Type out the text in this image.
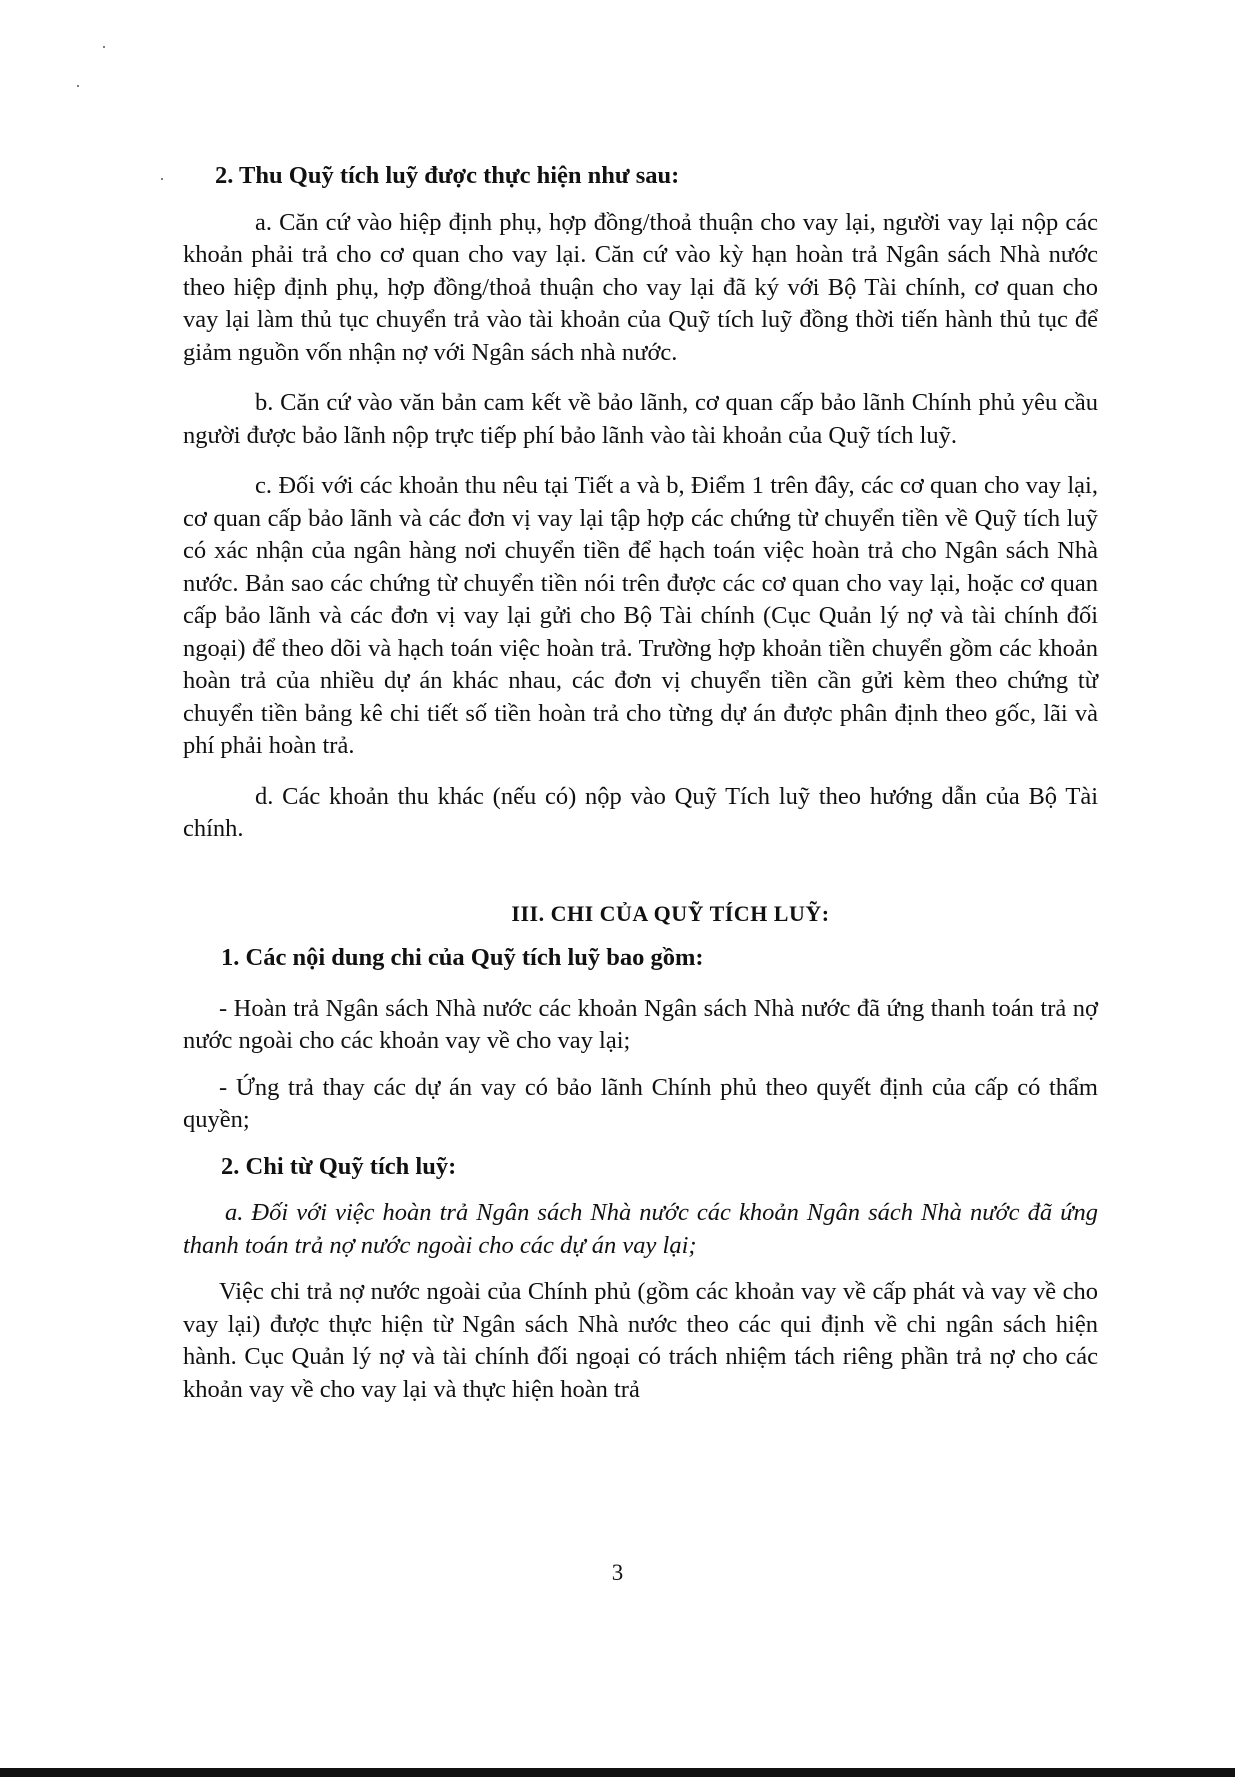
2. Thu Quỹ tích luỹ được thực hiện như sau:

a. Căn cứ vào hiệp định phụ, hợp đồng/thoả thuận cho vay lại, người vay lại nộp các khoản phải trả cho cơ quan cho vay lại. Căn cứ vào kỳ hạn hoàn trả Ngân sách Nhà nước theo hiệp định phụ, hợp đồng/thoả thuận cho vay lại đã ký với Bộ Tài chính, cơ quan cho vay lại làm thủ tục chuyển trả vào tài khoản của Quỹ tích luỹ đồng thời tiến hành thủ tục để giảm nguồn vốn nhận nợ với Ngân sách nhà nước.

b. Căn cứ vào văn bản cam kết về bảo lãnh, cơ quan cấp bảo lãnh Chính phủ yêu cầu người được bảo lãnh nộp trực tiếp phí bảo lãnh vào tài khoản của Quỹ tích luỹ.

c. Đối với các khoản thu nêu tại Tiết a và b, Điểm 1 trên đây, các cơ quan cho vay lại, cơ quan cấp bảo lãnh và các đơn vị vay lại tập hợp các chứng từ chuyển tiền về Quỹ tích luỹ có xác nhận của ngân hàng nơi chuyển tiền để hạch toán việc hoàn trả cho Ngân sách Nhà nước. Bản sao các chứng từ chuyển tiền nói trên được các cơ quan cho vay lại, hoặc cơ quan cấp bảo lãnh và các đơn vị vay lại gửi cho Bộ Tài chính (Cục Quản lý nợ và tài chính đối ngoại) để theo dõi và hạch toán việc hoàn trả. Trường hợp khoản tiền chuyển gồm các khoản hoàn trả của nhiều dự án khác nhau, các đơn vị chuyển tiền cần gửi kèm theo chứng từ chuyển tiền bảng kê chi tiết số tiền hoàn trả cho từng dự án được phân định theo gốc, lãi và phí phải hoàn trả.

d. Các khoản thu khác (nếu có) nộp vào Quỹ Tích luỹ theo hướng dẫn của Bộ Tài chính.

III. CHI CỦA QUỸ TÍCH LUỸ:

1. Các nội dung chi của Quỹ tích luỹ bao gồm:

- Hoàn trả Ngân sách Nhà nước các khoản Ngân sách Nhà nước đã ứng thanh toán trả nợ nước ngoài cho các khoản vay về cho vay lại;

- Ứng trả thay các dự án vay có bảo lãnh Chính phủ theo quyết định của cấp có thẩm quyền;

2. Chi từ Quỹ tích luỹ:

a. Đối với việc hoàn trả Ngân sách Nhà nước các khoản Ngân sách Nhà nước đã ứng thanh toán trả nợ nước ngoài cho các dự án vay lại;

Việc chi trả nợ nước ngoài của Chính phủ (gồm các khoản vay về cấp phát và vay về cho vay lại) được thực hiện từ Ngân sách Nhà nước theo các qui định về chi ngân sách hiện hành. Cục Quản lý nợ và tài chính đối ngoại có trách nhiệm tách riêng phần trả nợ cho các khoản vay về cho vay lại và thực hiện hoàn trả

3
